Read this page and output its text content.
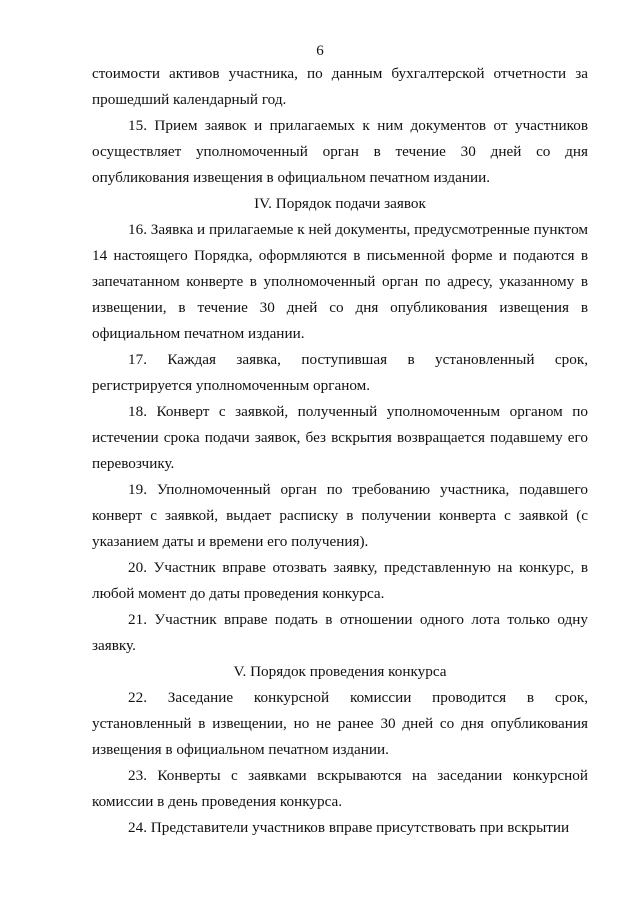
6

стоимости активов участника, по данным бухгалтерской отчетности за прошедший календарный год.

15. Прием заявок и прилагаемых к ним документов от участников осуществляет уполномоченный орган в течение 30 дней со дня опубликования извещения в официальном печатном издании.

IV. Порядок подачи заявок

16. Заявка и прилагаемые к ней документы, предусмотренные пунктом 14 настоящего Порядка, оформляются в письменной форме и подаются в запечатанном конверте в уполномоченный орган по адресу, указанному в извещении, в течение 30 дней со дня опубликования извещения в официальном печатном издании.

17. Каждая заявка, поступившая в установленный срок, регистрируется уполномоченным органом.

18. Конверт с заявкой, полученный уполномоченным органом по истечении срока подачи заявок, без вскрытия возвращается подавшему его перевозчику.

19. Уполномоченный орган по требованию участника, подавшего конверт с заявкой, выдает расписку в получении конверта с заявкой (с указанием даты и времени его получения).

20. Участник вправе отозвать заявку, представленную на конкурс, в любой момент до даты проведения конкурса.

21. Участник вправе подать в отношении одного лота только одну заявку.

V. Порядок проведения конкурса

22. Заседание конкурсной комиссии проводится в срок, установленный в извещении, но не ранее 30 дней со дня опубликования извещения в официальном печатном издании.

23. Конверты с заявками вскрываются на заседании конкурсной комиссии в день проведения конкурса.

24. Представители участников вправе присутствовать при вскрытии
